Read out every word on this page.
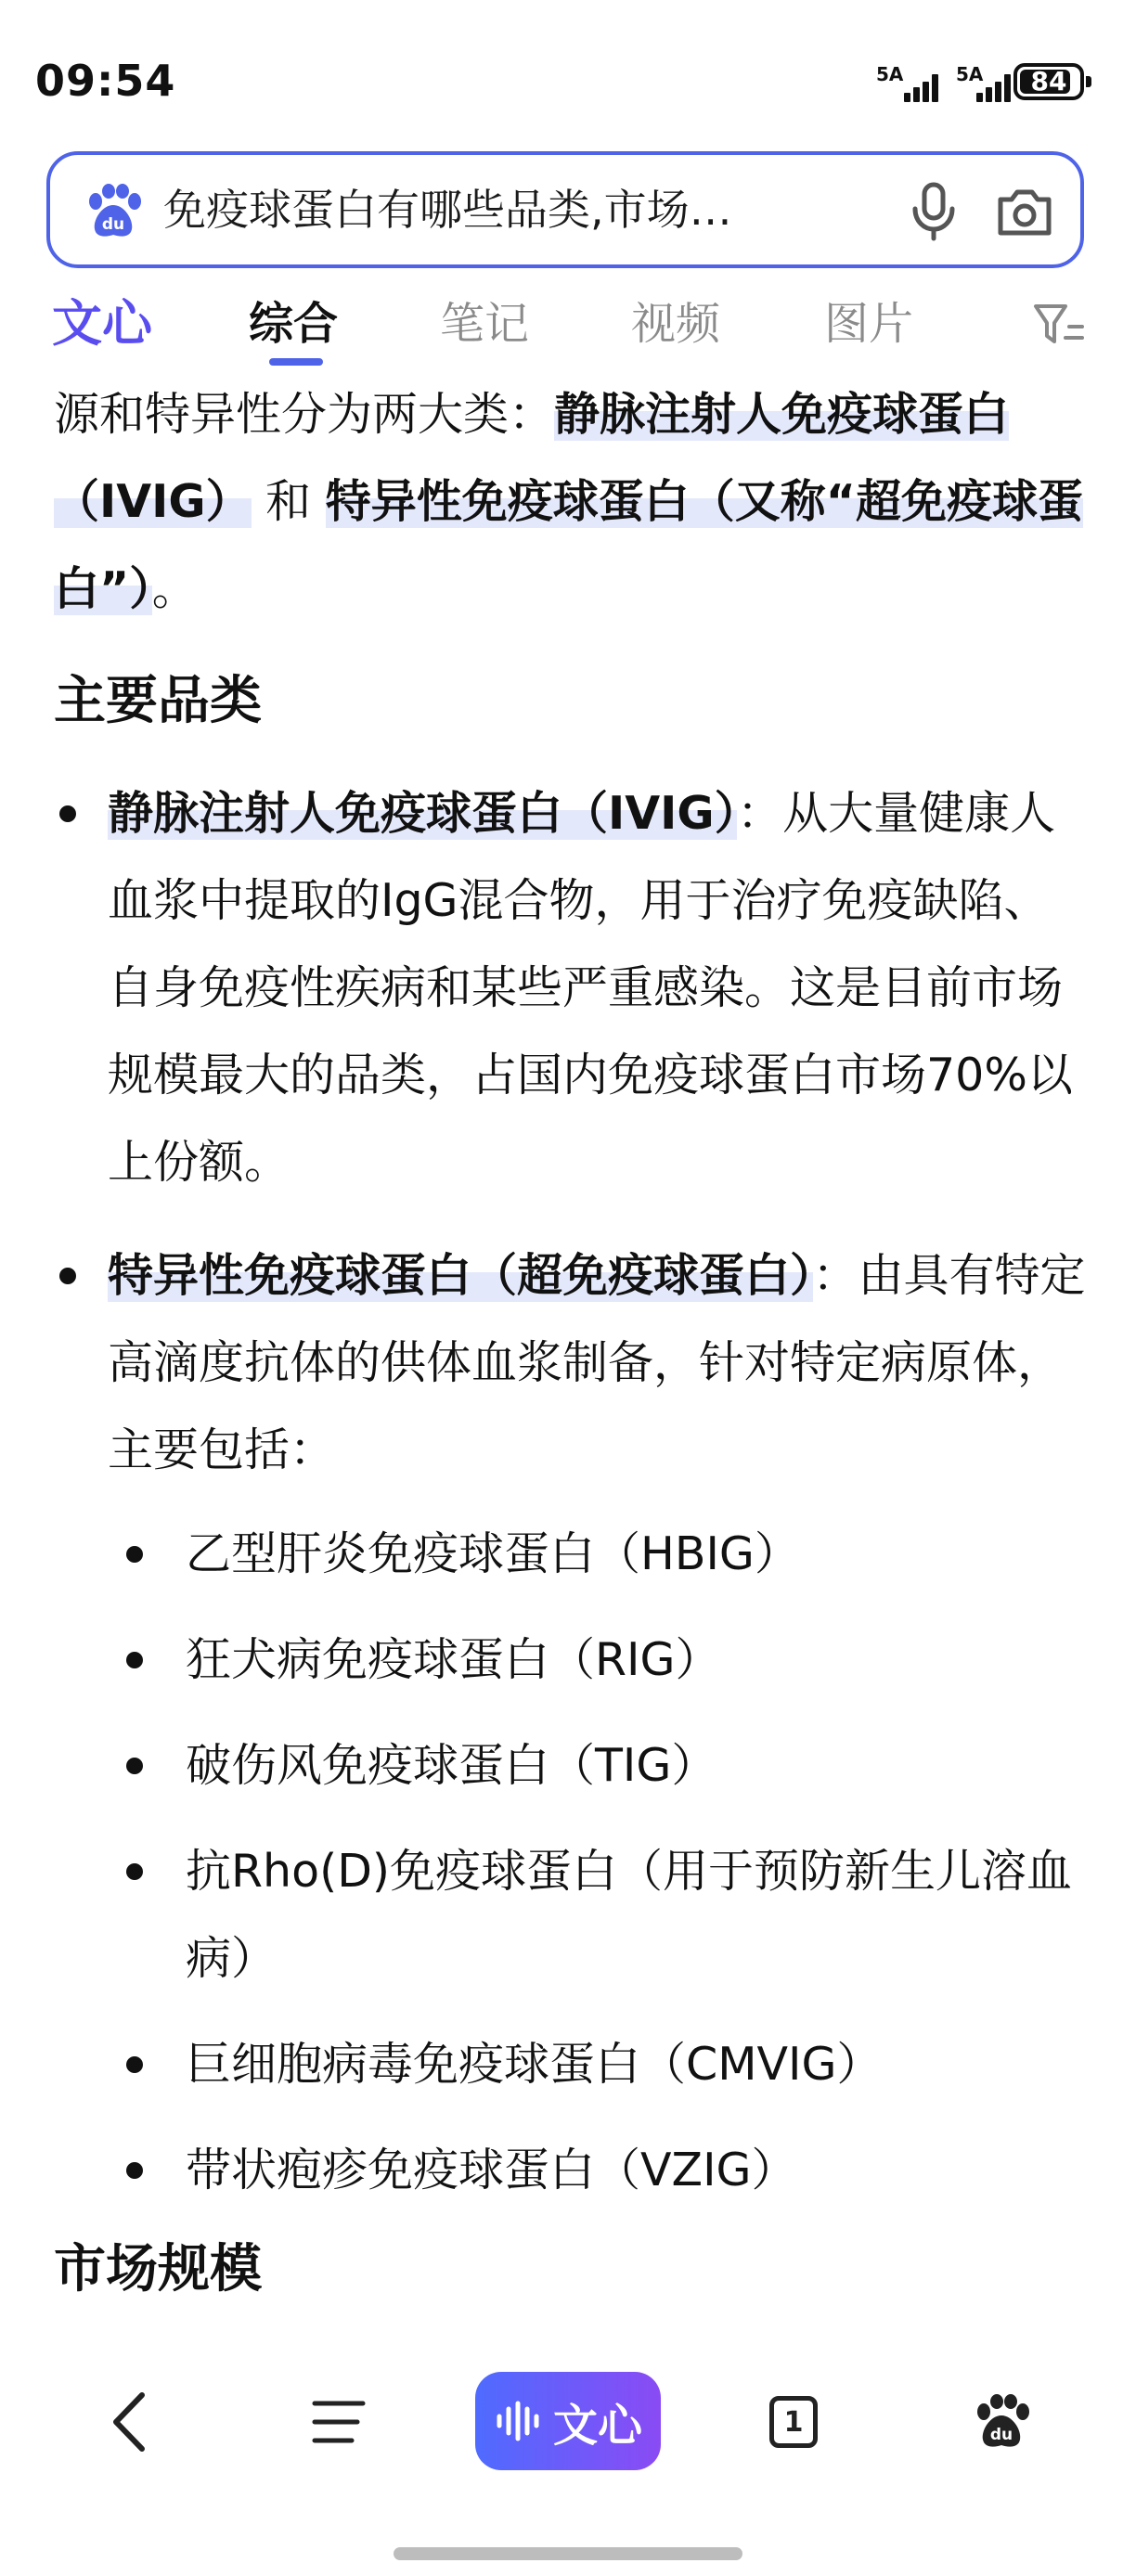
09:54	5A	5A	84
du 免疫球蛋白有哪些品类,市场…
文心 综合 笔记 视频 图片

源和特异性分为两大类：静脉注射人免疫球蛋白（IVIG） 和 特异性免疫球蛋白（又称“超免疫球蛋白”）。

主要品类

静脉注射人免疫球蛋白（IVIG）：从大量健康人血浆中提取的IgG混合物，用于治疗免疫缺陷、自身免疫性疾病和某些严重感染。这是目前市场规模最大的品类，占国内免疫球蛋白市场70%以上份额。

特异性免疫球蛋白（超免疫球蛋白）：由具有特定高滴度抗体的供体血浆制备，针对特定病原体，主要包括：

乙型肝炎免疫球蛋白（HBIG）

狂犬病免疫球蛋白（RIG）

破伤风免疫球蛋白（TIG）

抗Rho(D)免疫球蛋白（用于预防新生儿溶血病）

巨细胞病毒免疫球蛋白（CMVIG）

带状疱疹免疫球蛋白（VZIG）

市场规模
文心	1	du
